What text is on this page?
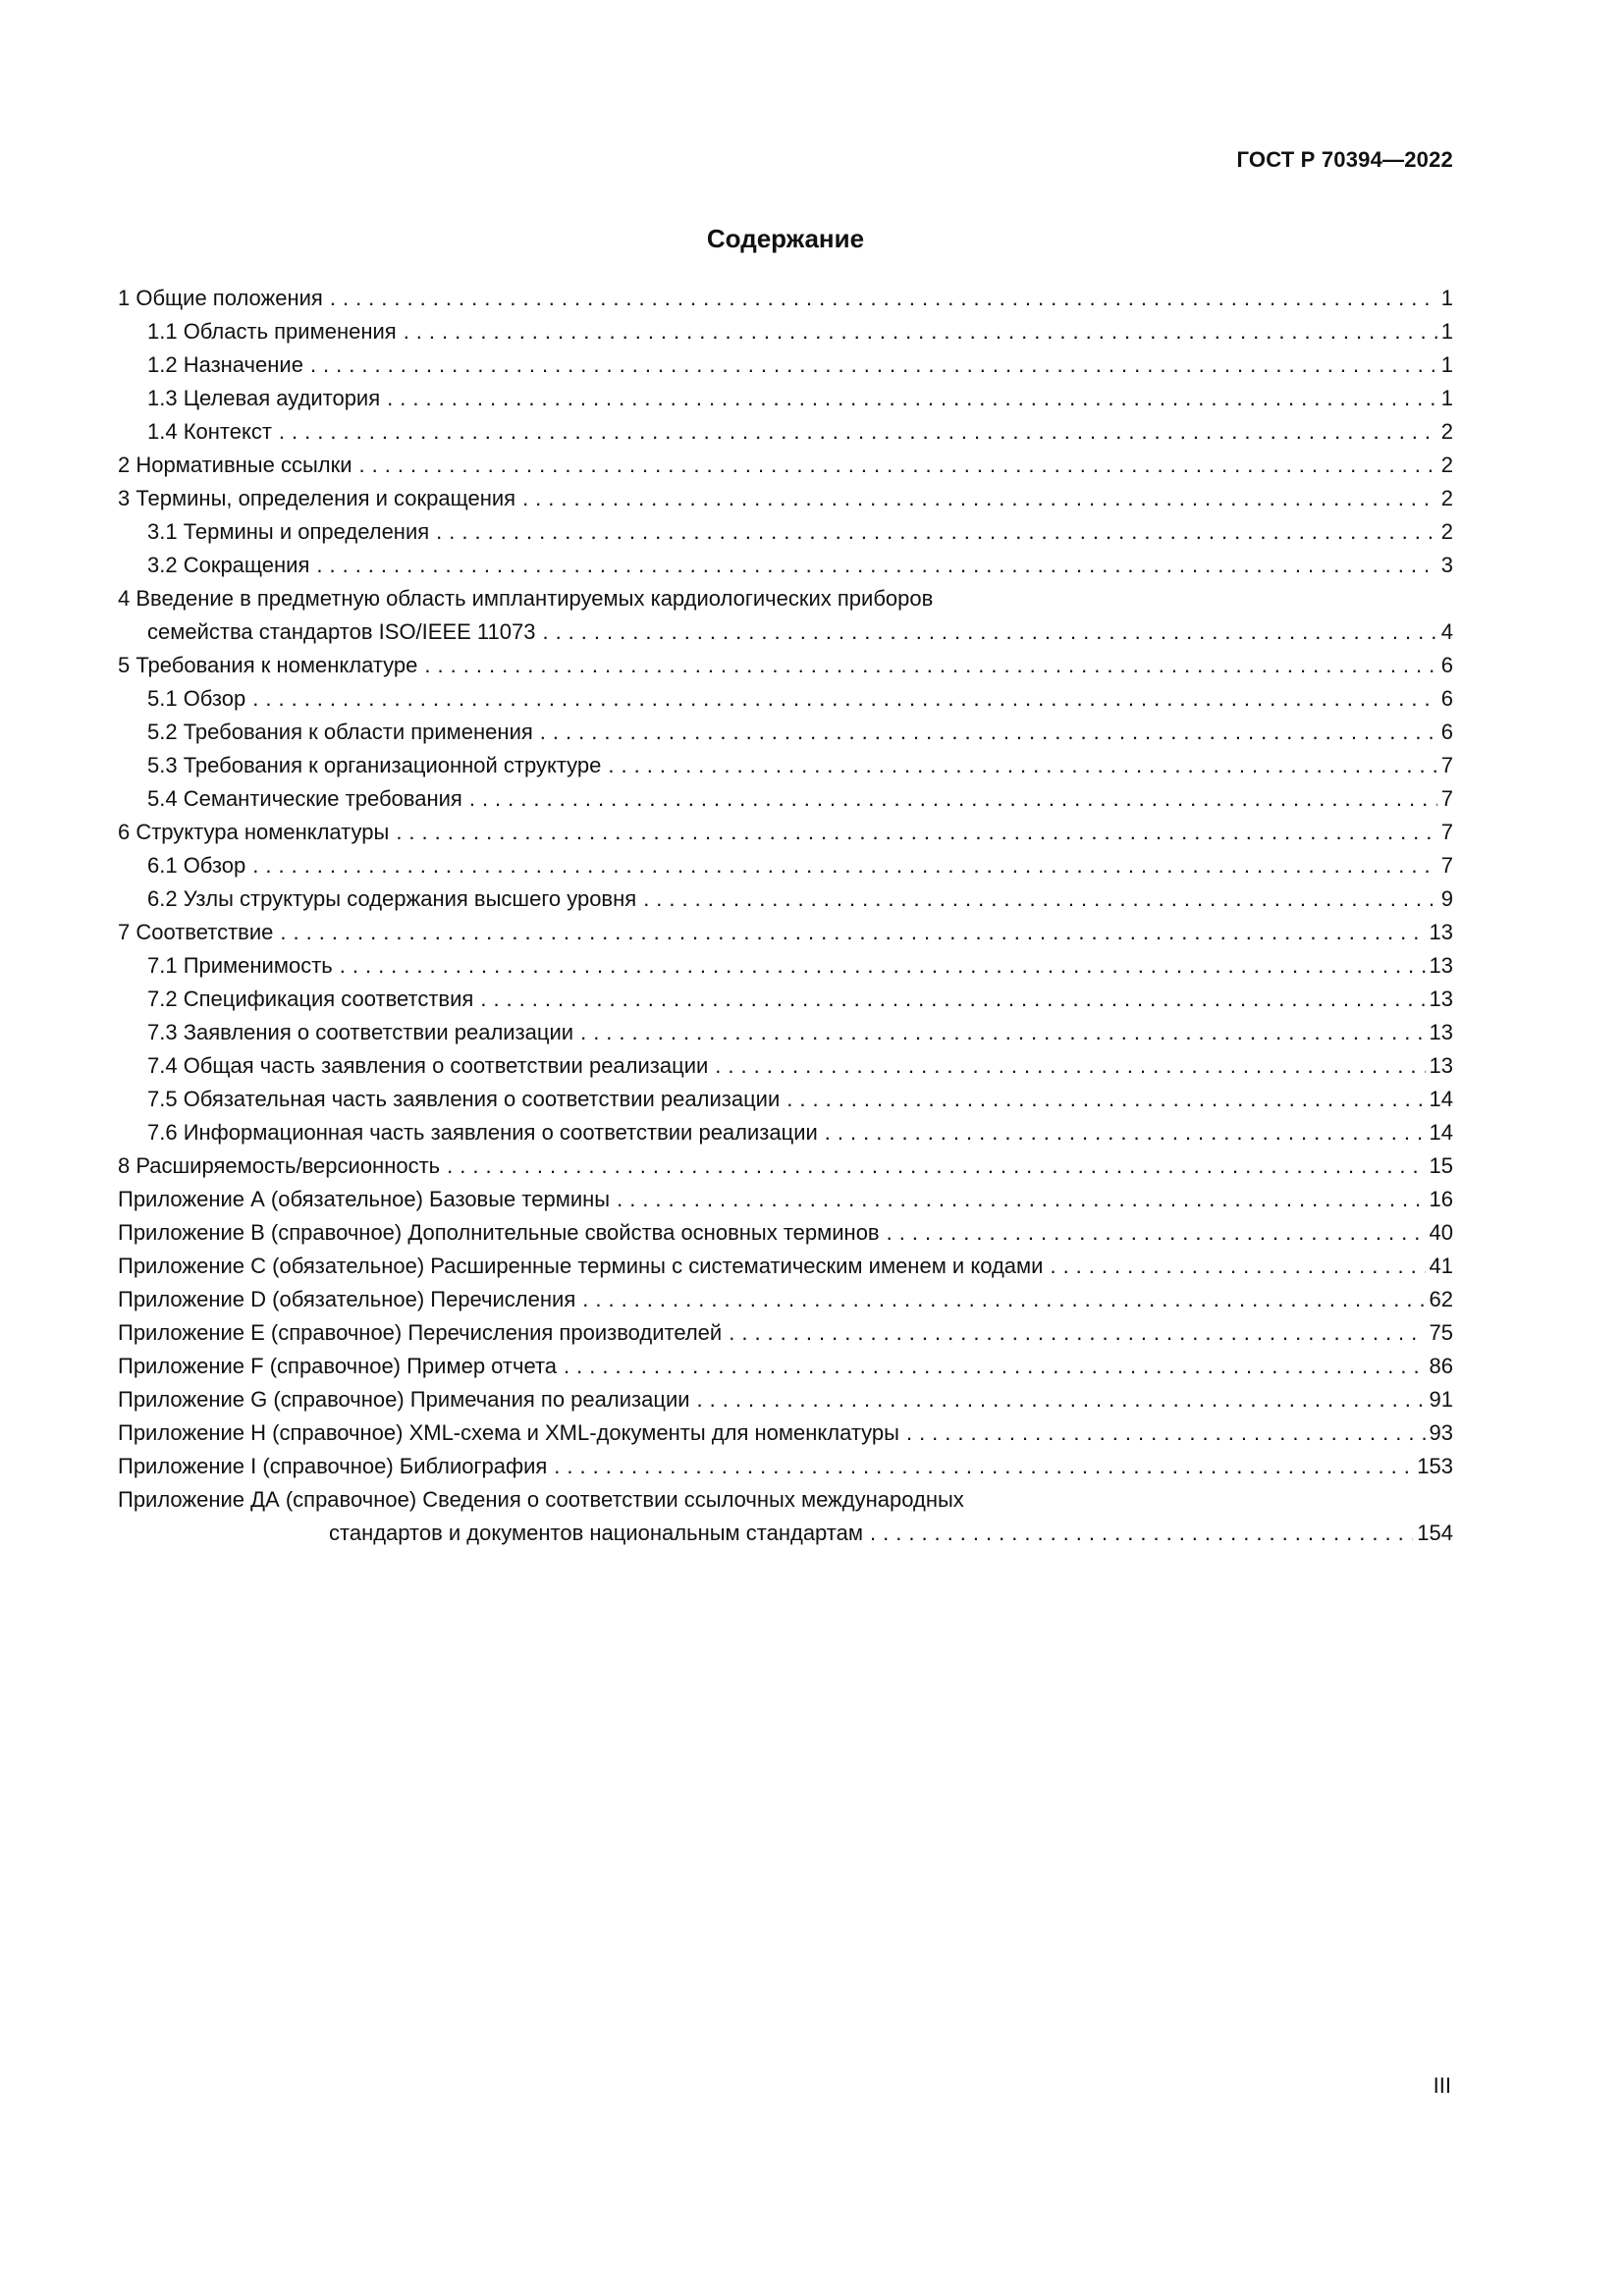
ГОСТ Р 70394—2022
Содержание
1 Общие положения .....	1
1.1 Область применения .....	1
1.2 Назначение .....	1
1.3 Целевая аудитория .....	1
1.4 Контекст .....	2
2 Нормативные ссылки .....	2
3 Термины, определения и сокращения .....	2
3.1 Термины и определения .....	2
3.2 Сокращения .....	3
4 Введение в предметную область имплантируемых кардиологических приборов
семейства стандартов ISO/IEEE 11073 .....	4
5 Требования к номенклатуре .....	6
5.1 Обзор .....	6
5.2 Требования к области применения .....	6
5.3 Требования к организационной структуре .....	7
5.4 Семантические требования .....	7
6 Структура номенклатуры .....	7
6.1 Обзор .....	7
6.2 Узлы структуры содержания высшего уровня .....	9
7 Соответствие .....	13
7.1 Применимость .....	13
7.2 Спецификация соответствия .....	13
7.3 Заявления о соответствии реализации .....	13
7.4 Общая часть заявления о соответствии реализации .....	13
7.5 Обязательная часть заявления о соответствии реализации .....	14
7.6 Информационная часть заявления о соответствии реализации .....	14
8 Расширяемость/версионность .....	15
Приложение А (обязательное) Базовые термины .....	16
Приложение В (справочное) Дополнительные свойства основных терминов .....	40
Приложение С (обязательное) Расширенные термины с систематическим именем и кодами .....	41
Приложение D (обязательное) Перечисления .....	62
Приложение Е (справочное) Перечисления производителей .....	75
Приложение F (справочное) Пример отчета .....	86
Приложение G (справочное) Примечания по реализации .....	91
Приложение Н (справочное) XML-схема и XML-документы для номенклатуры .....	93
Приложение I (справочное) Библиография .....	153
Приложение ДА (справочное) Сведения о соответствии ссылочных международных
стандартов и документов национальным стандартам .....	154
III
